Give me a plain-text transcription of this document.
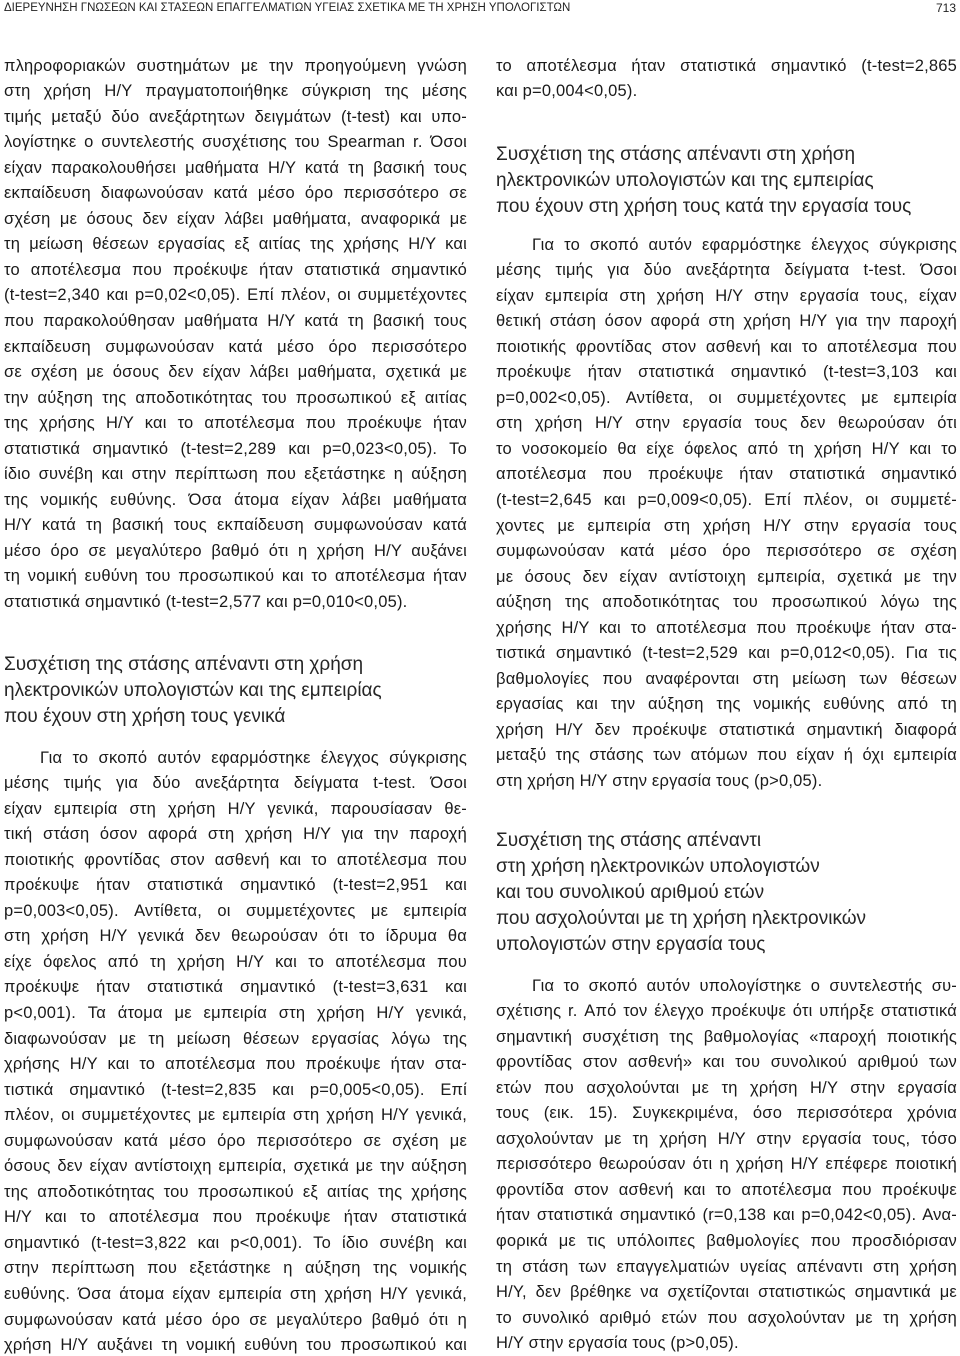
ΔΙΕΡΕΥΝΗΣΗ ΓΝΩΣΕΩΝ ΚΑΙ ΣΤΑΣΕΩΝ ΕΠΑΓΓΕΛΜΑΤΙΩΝ ΥΓΕΙΑΣ ΣΧΕΤΙΚΑ ΜΕ ΤΗ ΧΡΗΣΗ ΥΠΟΛΟΓΙΣΤΩΝ	713
πληροφοριακών συστημάτων με την προηγούμενη γνώση
στη χρήση Η/Υ πραγματοποιήθηκε σύγκριση της μέσης
τιμής μεταξύ δύο ανεξάρτητων δειγμάτων (t-test) και υπο-
λογίστηκε ο συντελεστής συσχέτισης του Spearman r. Όσοι
είχαν παρακολουθήσει μαθήματα Η/Υ κατά τη βασική τους
εκπαίδευση διαφωνούσαν κατά μέσο όρο περισσότερο σε
σχέση με όσους δεν είχαν λάβει μαθήματα, αναφορικά με
τη μείωση θέσεων εργασίας εξ αιτίας της χρήσης Η/Υ και
το αποτέλεσμα που προέκυψε ήταν στατιστικά σημαντικό
(t-test=2,340 και p=0,02<0,05). Επί πλέον, οι συμμετέχοντες
που παρακολούθησαν μαθήματα Η/Υ κατά τη βασική τους
εκπαίδευση συμφωνούσαν κατά μέσο όρο περισσότερο
σε σχέση με όσους δεν είχαν λάβει μαθήματα, σχετικά με
την αύξηση της αποδοτικότητας του προσωπικού εξ αιτίας
της χρήσης Η/Υ και το αποτέλεσμα που προέκυψε ήταν
στατιστικά σημαντικό (t-test=2,289 και p=0,023<0,05). Το
ίδιο συνέβη και στην περίπτωση που εξετάστηκε η αύξηση
της νομικής ευθύνης. Όσα άτομα είχαν λάβει μαθήματα
Η/Υ κατά τη βασική τους εκπαίδευση συμφωνούσαν κατά
μέσο όρο σε μεγαλύτερο βαθμό ότι η χρήση Η/Υ αυξάνει
τη νομική ευθύνη του προσωπικού και το αποτέλεσμα ήταν
στατιστικά σημαντικό (t-test=2,577 και p=0,010<0,05).
Συσχέτιση της στάσης απέναντι στη χρήση
ηλεκτρονικών υπολογιστών και της εμπειρίας
που έχουν στη χρήση τους γενικά
Για το σκοπό αυτόν εφαρμόστηκε έλεγχος σύγκρισης
μέσης τιμής για δύο ανεξάρτητα δείγματα t-test. Όσοι
είχαν εμπειρία στη χρήση Η/Υ γενικά, παρουσίασαν θε-
τική στάση όσον αφορά στη χρήση Η/Υ για την παροχή
ποιοτικής φροντίδας στον ασθενή και το αποτέλεσμα που
προέκυψε ήταν στατιστικά σημαντικό (t-test=2,951 και
p=0,003<0,05). Αντίθετα, οι συμμετέχοντες με εμπειρία
στη χρήση Η/Υ γενικά δεν θεωρούσαν ότι το ίδρυμα θα
είχε όφελος από τη χρήση Η/Υ και το αποτέλεσμα που
προέκυψε ήταν στατιστικά σημαντικό (t-test=3,631 και
p<0,001). Τα άτομα με εμπειρία στη χρήση Η/Υ γενικά,
διαφωνούσαν με τη μείωση θέσεων εργασίας λόγω της
χρήσης Η/Υ και το αποτέλεσμα που προέκυψε ήταν στα-
τιστικά σημαντικό (t-test=2,835 και p=0,005<0,05). Επί
πλέον, οι συμμετέχοντες με εμπειρία στη χρήση Η/Υ γενικά,
συμφωνούσαν κατά μέσο όρο περισσότερο σε σχέση με
όσους δεν είχαν αντίστοιχη εμπειρία, σχετικά με την αύξηση
της αποδοτικότητας του προσωπικού εξ αιτίας της χρήσης
Η/Υ και το αποτέλεσμα που προέκυψε ήταν στατιστικά
σημαντικό (t-test=3,822 και p<0,001). Το ίδιο συνέβη και
στην περίπτωση που εξετάστηκε η αύξηση της νομικής
ευθύνης. Όσα άτομα είχαν εμπειρία στη χρήση Η/Υ γενικά,
συμφωνούσαν κατά μέσο όρο σε μεγαλύτερο βαθμό ότι η
χρήση Η/Υ αυξάνει τη νομική ευθύνη του προσωπικού και
το αποτέλεσμα ήταν στατιστικά σημαντικό (t-test=2,865
και p=0,004<0,05).
Συσχέτιση της στάσης απέναντι στη χρήση
ηλεκτρονικών υπολογιστών και της εμπειρίας
που έχουν στη χρήση τους κατά την εργασία τους
Για το σκοπό αυτόν εφαρμόστηκε έλεγχος σύγκρισης
μέσης τιμής για δύο ανεξάρτητα δείγματα t-test. Όσοι
είχαν εμπειρία στη χρήση Η/Υ στην εργασία τους, είχαν
θετική στάση όσον αφορά στη χρήση Η/Υ για την παροχή
ποιοτικής φροντίδας στον ασθενή και το αποτέλεσμα που
προέκυψε ήταν στατιστικά σημαντικό (t-test=3,103 και
p=0,002<0,05). Αντίθετα, οι συμμετέχοντες με εμπειρία
στη χρήση Η/Υ στην εργασία τους δεν θεωρούσαν ότι
το νοσοκομείο θα είχε όφελος από τη χρήση Η/Υ και το
αποτέλεσμα που προέκυψε ήταν στατιστικά σημαντικό
(t-test=2,645 και p=0,009<0,05). Επί πλέον, οι συμμετέ-
χοντες με εμπειρία στη χρήση Η/Υ στην εργασία τους
συμφωνούσαν κατά μέσο όρο περισσότερο σε σχέση
με όσους δεν είχαν αντίστοιχη εμπειρία, σχετικά με την
αύξηση της αποδοτικότητας του προσωπικού λόγω της
χρήσης Η/Υ και το αποτέλεσμα που προέκυψε ήταν στα-
τιστικά σημαντικό (t-test=2,529 και p=0,012<0,05). Για τις
βαθμολογίες που αναφέρονται στη μείωση των θέσεων
εργασίας και την αύξηση της νομικής ευθύνης από τη
χρήση Η/Υ δεν προέκυψε στατιστικά σημαντική διαφορά
μεταξύ της στάσης των ατόμων που είχαν ή όχι εμπειρία
στη χρήση Η/Υ στην εργασία τους (p>0,05).
Συσχέτιση της στάσης απέναντι
στη χρήση ηλεκτρονικών υπολογιστών
και του συνολικού αριθμού ετών
που ασχολούνται με τη χρήση ηλεκτρονικών
υπολογιστών στην εργασία τους
Για το σκοπό αυτόν υπολογίστηκε ο συντελεστής συ-
σχέτισης r. Από τον έλεγχο προέκυψε ότι υπήρξε στατιστικά
σημαντική συσχέτιση της βαθμολογίας «παροχή ποιοτικής
φροντίδας στον ασθενή» και του συνολικού αριθμού των
ετών που ασχολούνται με τη χρήση Η/Υ στην εργασία
τους (εικ. 15). Συγκεκριμένα, όσο περισσότερα χρόνια
ασχολούνταν με τη χρήση Η/Υ στην εργασία τους, τόσο
περισσότερο θεωρούσαν ότι η χρήση Η/Υ επέφερε ποιοτική
φροντίδα στον ασθενή και το αποτέλεσμα που προέκυψε
ήταν στατιστικά σημαντικό (r=0,138 και p=0,042<0,05). Ανα-
φορικά με τις υπόλοιπες βαθμολογίες που προσδιόρισαν
τη στάση των επαγγελματιών υγείας απέναντι στη χρήση
Η/Υ, δεν βρέθηκε να σχετίζονται στατιστικώς σημαντικά με
το συνολικό αριθμό ετών που ασχολούνταν με τη χρήση
Η/Υ στην εργασία τους (p>0,05).
